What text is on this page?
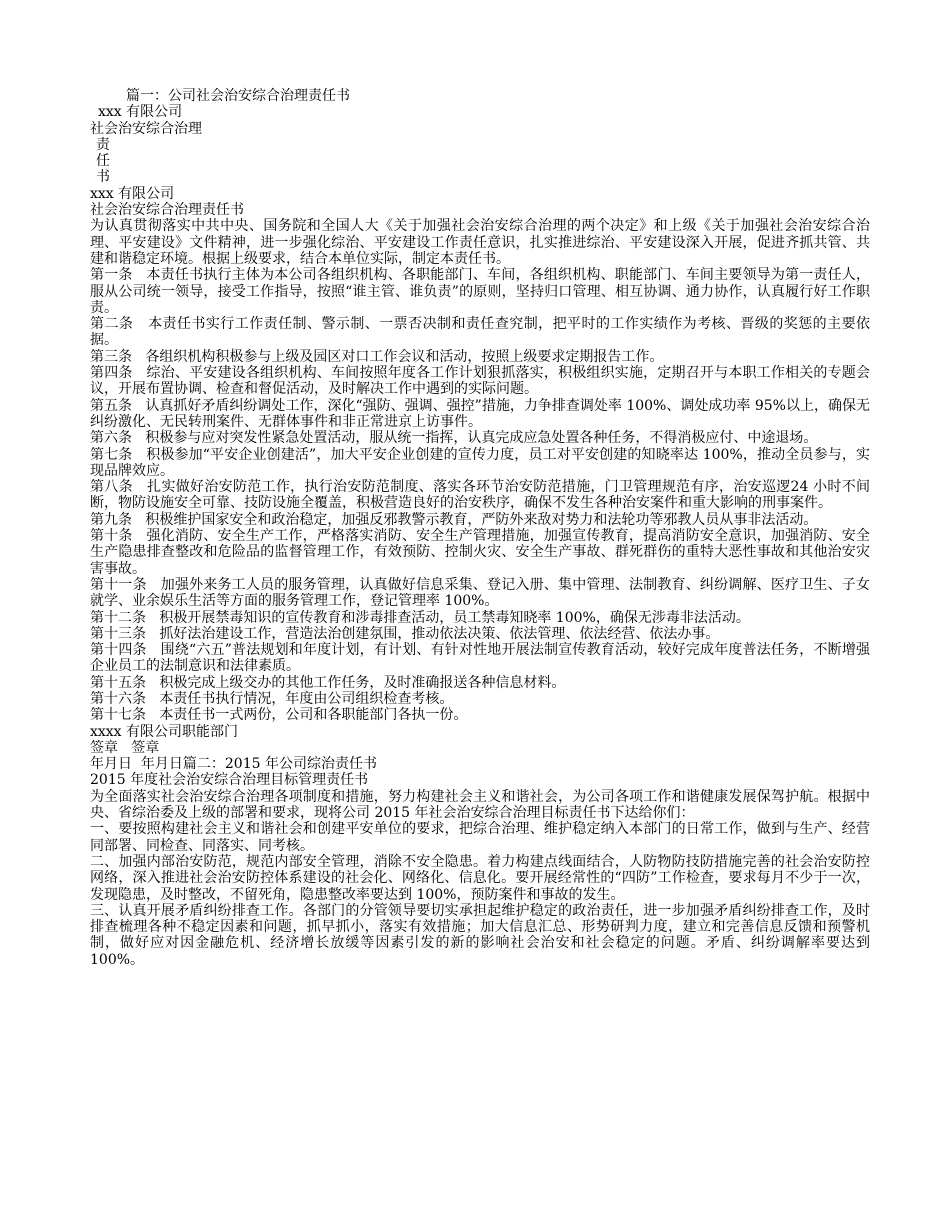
篇一：公司社会治安综合治理责任书

xxx 有限公司

社会治安综合治理

责

任

书

xxx 有限公司

社会治安综合治理责任书

为认真贯彻落实中共中央、国务院和全国人大《关于加强社会治安综合治理的两个决定》和上级《关于加强社会治安综合治理、平安建设》文件精神，进一步强化综治、平安建设工作责任意识，扎实推进综治、平安建设深入开展，促进齐抓共管、共建和谐稳定环境。根据上级要求，结合本单位实际，制定本责任书。

第一条 本责任书执行主体为本公司各组织机构、各职能部门、车间，各组织机构、职能部门、车间主要领导为第一责任人，服从公司统一领导，接受工作指导，按照“谁主管、谁负责”的原则，坚持归口管理、相互协调、通力协作，认真履行好工作职责。

第二条 本责任书实行工作责任制、警示制、一票否决制和责任查究制，把平时的工作实绩作为考核、晋级的奖惩的主要依据。

第三条 各组织机构积极参与上级及园区对口工作会议和活动，按照上级要求定期报告工作。

第四条 综治、平安建设各组织机构、车间按照年度各工作计划狠抓落实，积极组织实施，定期召开与本职工作相关的专题会议，开展布置协调、检查和督促活动，及时解决工作中遇到的实际问题。

第五条 认真抓好矛盾纠纷调处工作，深化“强防、强调、强控”措施，力争排查调处率 100%、调处成功率 95%以上，确保无纠纷激化、无民转刑案件、无群体事件和非正常进京上访事件。

第六条 积极参与应对突发性紧急处置活动，服从统一指挥，认真完成应急处置各种任务，不得消极应付、中途退场。

第七条 积极参加“平安企业创建活”，加大平安企业创建的宣传力度，员工对平安创建的知晓率达 100%，推动全员参与，实现品牌效应。

第八条 扎实做好治安防范工作，执行治安防范制度、落实各环节治安防范措施，门卫管理规范有序，治安巡逻24 小时不间断，物防设施安全可靠、技防设施全覆盖，积极营造良好的治安秩序，确保不发生各种治安案件和重大影响的刑事案件。

第九条 积极维护国家安全和政治稳定，加强反邪教警示教育，严防外来敌对势力和法轮功等邪教人员从事非法活动。

第十条 强化消防、安全生产工作，严格落实消防、安全生产管理措施，加强宣传教育，提高消防安全意识，加强消防、安全生产隐患排查整改和危险品的监督管理工作，有效预防、控制火灾、安全生产事故、群死群伤的重特大恶性事故和其他治安灾害事故。

第十一条 加强外来务工人员的服务管理，认真做好信息采集、登记入册、集中管理、法制教育、纠纷调解、医疗卫生、子女就学、业余娱乐生活等方面的服务管理工作，登记管理率 100%。

第十二条 积极开展禁毒知识的宣传教育和涉毒排查活动，员工禁毒知晓率 100%，确保无涉毒非法活动。

第十三条 抓好法治建设工作，营造法治创建氛围，推动依法决策、依法管理、依法经营、依法办事。

第十四条 围绕“六五”普法规划和年度计划，有计划、有针对性地开展法制宣传教育活动，较好完成年度普法任务，不断增强企业员工的法制意识和法律素质。

第十五条 积极完成上级交办的其他工作任务，及时准确报送各种信息材料。

第十六条 本责任书执行情况，年度由公司组织检查考核。

第十七条 本责任书一式两份，公司和各职能部门各执一份。

xxxx 有限公司职能部门

签章   签章

年月日  年月日篇二：2015 年公司综治责任书

2015 年度社会治安综合治理目标管理责任书

为全面落实社会治安综合治理各项制度和措施，努力构建社会主义和谐社会，为公司各项工作和谐健康发展保驾护航。根据中央、省综治委及上级的部署和要求，现将公司 2015 年社会治安综合治理目标责任书下达给你们：

一、要按照构建社会主义和谐社会和创建平安单位的要求，把综合治理、维护稳定纳入本部门的日常工作，做到与生产、经营同部署、同检查、同落实、同考核。

二、加强内部治安防范，规范内部安全管理，消除不安全隐患。着力构建点线面结合，人防物防技防措施完善的社会治安防控网络，深入推进社会治安防控体系建设的社会化、网络化、信息化。要开展经常性的“四防”工作检查，要求每月不少于一次，发现隐患，及时整改，不留死角，隐患整改率要达到 100%，预防案件和事故的发生。

三、认真开展矛盾纠纷排查工作。各部门的分管领导要切实承担起维护稳定的政治责任，进一步加强矛盾纠纷排查工作，及时排查梳理各种不稳定因素和问题，抓早抓小，落实有效措施；加大信息汇总、形势研判力度，建立和完善信息反馈和预警机制，做好应对因金融危机、经济增长放缓等因素引发的新的影响社会治安和社会稳定的问题。矛盾、纠纷调解率要达到 100%。
